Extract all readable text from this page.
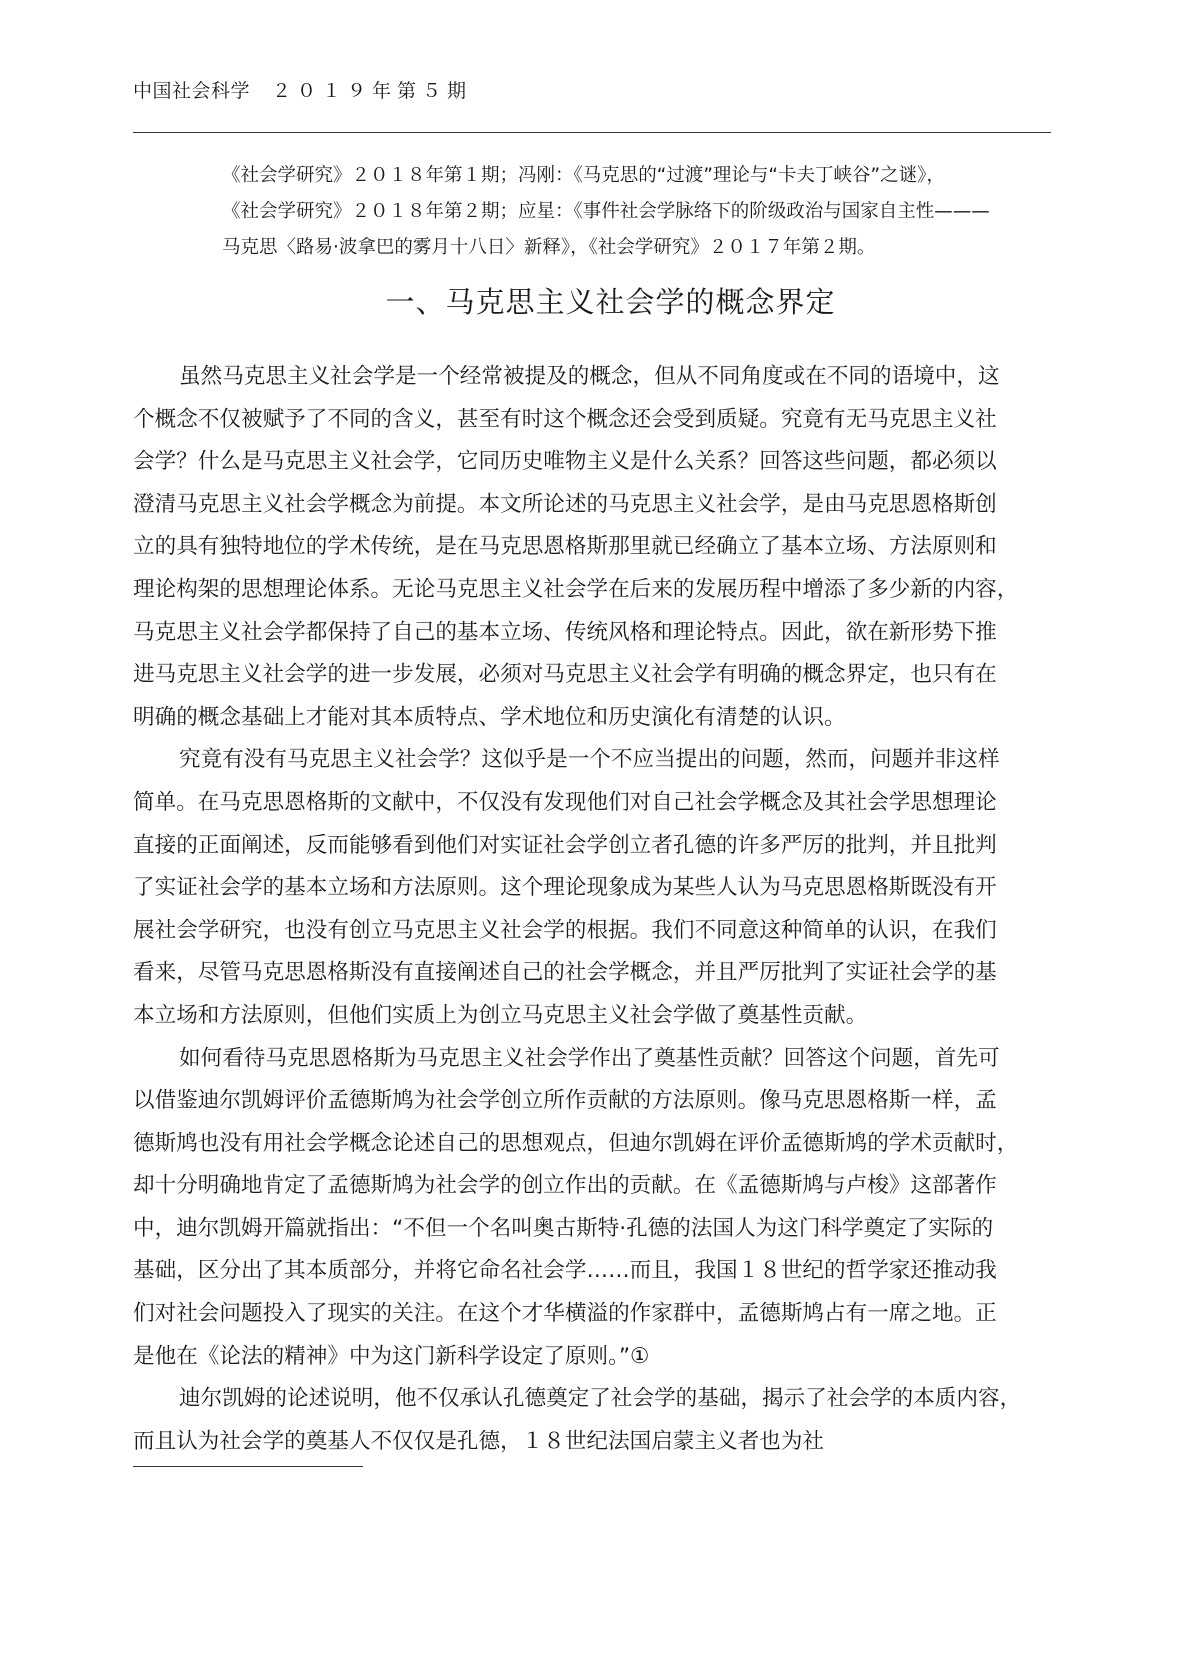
中国社会科学 ２０１９年第５期
《社会学研究》２０１８年第１期；冯刚：《马克思的“过渡”理论与“卡夫丁峡谷”之谜》，
《社会学研究》２０１８年第２期；应星：《事件社会学脉络下的阶级政治与国家自主性———
马克思〈路易·波拿巴的雾月十八日〉新释》，《社会学研究》２０１７年第２期。
一、马克思主义社会学的概念界定
虽然马克思主义社会学是一个经常被提及的概念，但从不同角度或在不同的语境中，这
个概念不仅被赋予了不同的含义，甚至有时这个概念还会受到质疑。究竟有无马克思主义社
会学？什么是马克思主义社会学，它同历史唯物主义是什么关系？回答这些问题，都必须以
澄清马克思主义社会学概念为前提。本文所论述的马克思主义社会学，是由马克思恩格斯创
立的具有独特地位的学术传统，是在马克思恩格斯那里就已经确立了基本立场、方法原则和
理论构架的思想理论体系。无论马克思主义社会学在后来的发展历程中增添了多少新的内容，
马克思主义社会学都保持了自己的基本立场、传统风格和理论特点。因此，欲在新形势下推
进马克思主义社会学的进一步发展，必须对马克思主义社会学有明确的概念界定，也只有在
明确的概念基础上才能对其本质特点、学术地位和历史演化有清楚的认识。
究竟有没有马克思主义社会学？这似乎是一个不应当提出的问题，然而，问题并非这样
简单。在马克思恩格斯的文献中，不仅没有发现他们对自己社会学概念及其社会学思想理论
直接的正面阐述，反而能够看到他们对实证社会学创立者孔德的许多严厉的批判，并且批判
了实证社会学的基本立场和方法原则。这个理论现象成为某些人认为马克思恩格斯既没有开
展社会学研究，也没有创立马克思主义社会学的根据。我们不同意这种简单的认识，在我们
看来，尽管马克思恩格斯没有直接阐述自己的社会学概念，并且严厉批判了实证社会学的基
本立场和方法原则，但他们实质上为创立马克思主义社会学做了奠基性贡献。
如何看待马克思恩格斯为马克思主义社会学作出了奠基性贡献？回答这个问题，首先可
以借鉴迪尔凯姆评价孟德斯鸠为社会学创立所作贡献的方法原则。像马克思恩格斯一样，孟
德斯鸠也没有用社会学概念论述自己的思想观点，但迪尔凯姆在评价孟德斯鸠的学术贡献时，
却十分明确地肯定了孟德斯鸠为社会学的创立作出的贡献。在《孟德斯鸠与卢梭》这部著作
中，迪尔凯姆开篇就指出：“不但一个名叫奥古斯特·孔德的法国人为这门科学奠定了实际的
基础，区分出了其本质部分，并将它命名社会学……而且，我国１８世纪的哲学家还推动我
们对社会问题投入了现实的关注。在这个才华横溢的作家群中，孟德斯鸠占有一席之地。正
是他在《论法的精神》中为这门新科学设定了原则。”①
迪尔凯姆的论述说明，他不仅承认孔德奠定了社会学的基础，揭示了社会学的本质内容，
而且认为社会学的奠基人不仅仅是孔德，１８世纪法国启蒙主义者也为社
